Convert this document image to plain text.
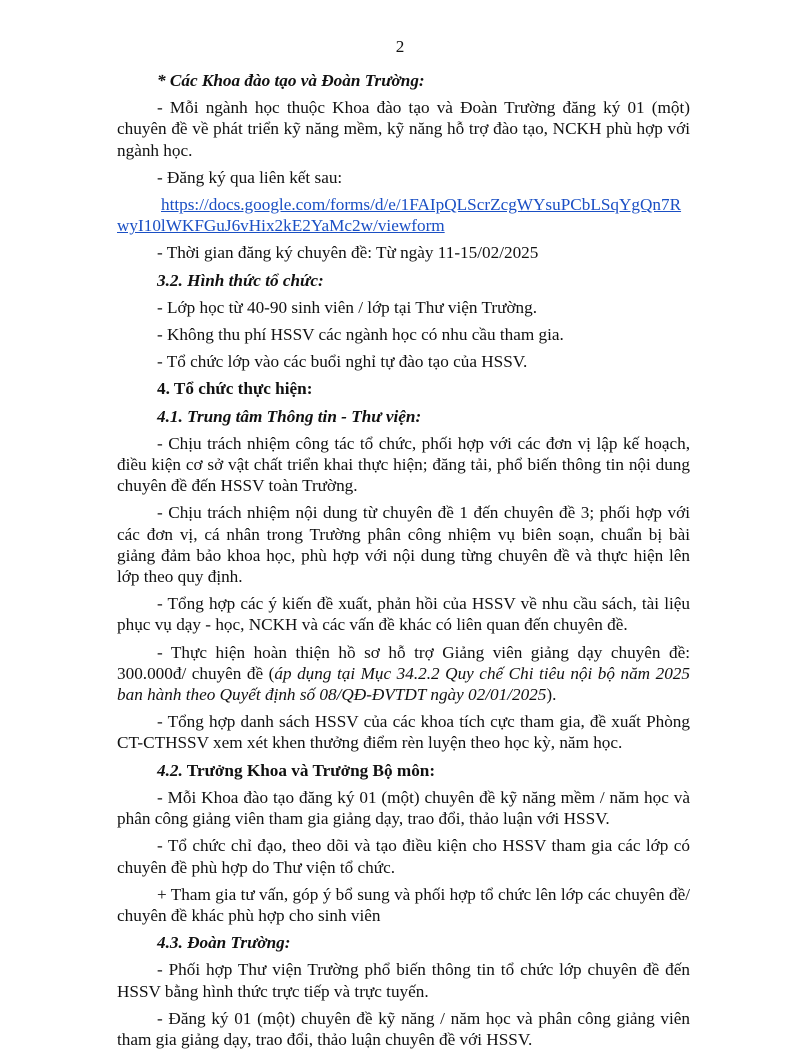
2

* Các Khoa đào tạo và Đoàn Trường:

- Mỗi ngành học thuộc Khoa đào tạo và Đoàn Trường đăng ký 01 (một) chuyên đề về phát triển kỹ năng mềm, kỹ năng hỗ trợ đào tạo, NCKH phù hợp với ngành học.

- Đăng ký qua liên kết sau:

https://docs.google.com/forms/d/e/1FAIpQLScrZcgWYsuPCbLSqYgQn7R

wyI10lWKFGuJ6vHix2kE2YaMc2w/viewform

- Thời gian đăng ký chuyên đề: Từ ngày 11-15/02/2025

3.2. Hình thức tổ chức:

- Lớp học từ 40-90 sinh viên / lớp tại Thư viện Trường.

- Không thu phí HSSV các ngành học có nhu cầu tham gia.

- Tổ chức lớp vào các buổi nghỉ tự đào tạo của HSSV.

4. Tổ chức thực hiện:

4.1. Trung tâm Thông tin - Thư viện:

- Chịu trách nhiệm công tác tổ chức, phối hợp với các đơn vị lập kế hoạch, điều kiện cơ sở vật chất triển khai thực hiện; đăng tải, phổ biến thông tin nội dung chuyên đề đến HSSV toàn Trường.

- Chịu trách nhiệm nội dung từ chuyên đề 1 đến chuyên đề 3; phối hợp với các đơn vị, cá nhân trong Trường phân công nhiệm vụ biên soạn, chuẩn bị bài giảng đảm bảo khoa học, phù hợp với nội dung từng chuyên đề và thực hiện lên lớp theo quy định.

- Tổng hợp các ý kiến đề xuất, phản hồi của HSSV về nhu cầu sách, tài liệu phục vụ dạy - học, NCKH và các vấn đề khác có liên quan đến chuyên đề.

- Thực hiện hoàn thiện hồ sơ hỗ trợ Giảng viên giảng dạy chuyên đề: 300.000đ/ chuyên đề (áp dụng tại Mục 34.2.2 Quy chế Chi tiêu nội bộ năm 2025 ban hành theo Quyết định số 08/QĐ-ĐVTDT ngày 02/01/2025).

- Tổng hợp danh sách HSSV của các khoa tích cực tham gia, đề xuất Phòng CT-CTHSSV xem xét khen thưởng điểm rèn luyện theo học kỳ, năm học.

4.2. Trưởng Khoa và Trưởng Bộ môn:

- Mỗi Khoa đào tạo đăng ký 01 (một) chuyên đề kỹ năng mềm / năm học và phân công giảng viên tham gia giảng dạy, trao đổi, thảo luận với HSSV.

- Tổ chức chỉ đạo, theo dõi và tạo điều kiện cho HSSV tham gia các lớp có chuyên đề phù hợp do Thư viện tổ chức.

+ Tham gia tư vấn, góp ý bổ sung và phối hợp tổ chức lên lớp các chuyên đề/ chuyên đề khác phù hợp cho sinh viên

4.3. Đoàn Trường:

- Phối hợp Thư viện Trường phổ biến thông tin tổ chức lớp chuyên đề đến HSSV bằng hình thức trực tiếp và trực tuyến.

- Đăng ký 01 (một) chuyên đề kỹ năng / năm học và phân công giảng viên tham gia giảng dạy, trao đổi, thảo luận chuyên đề với HSSV.
